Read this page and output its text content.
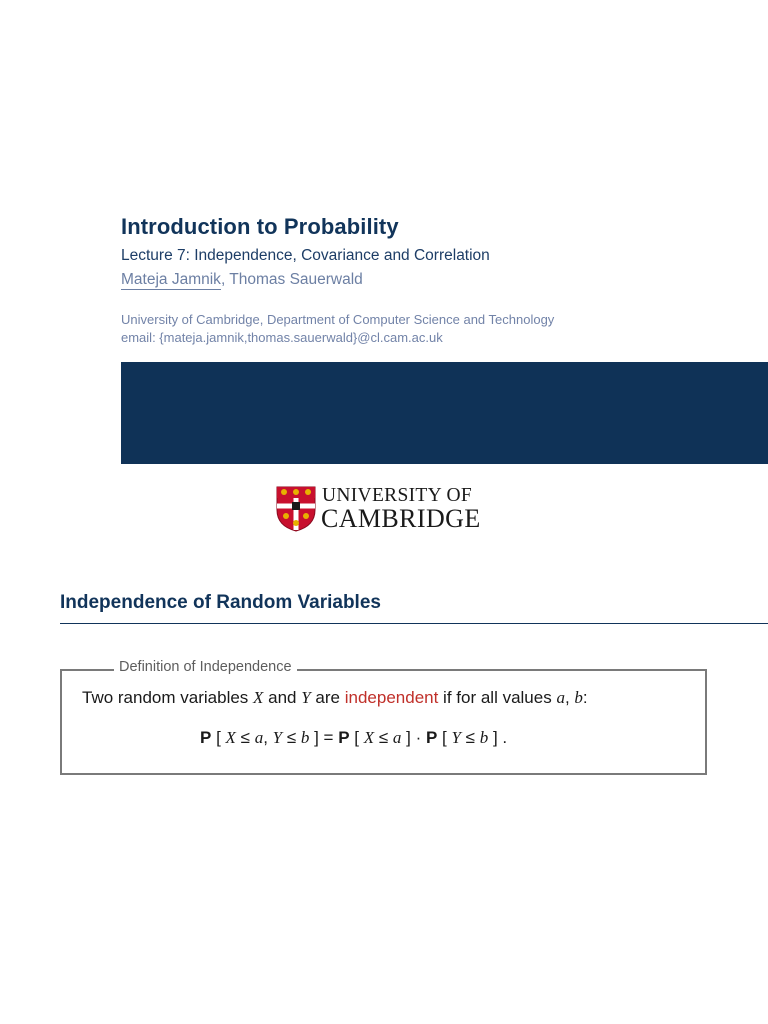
Introduction to Probability
Lecture 7: Independence, Covariance and Correlation
Mateja Jamnik, Thomas Sauerwald
University of Cambridge, Department of Computer Science and Technology
email: {mateja.jamnik,thomas.sauerwald}@cl.cam.ac.uk
UNIVERSITY OF
CAMBRIDGE
Independence of Random Variables
Definition of Independence
Two random variables X and Y are independent if for all values a, b:
P [ X ≤ a, Y ≤ b ] = P [ X ≤ a ] · P [ Y ≤ b ] .
